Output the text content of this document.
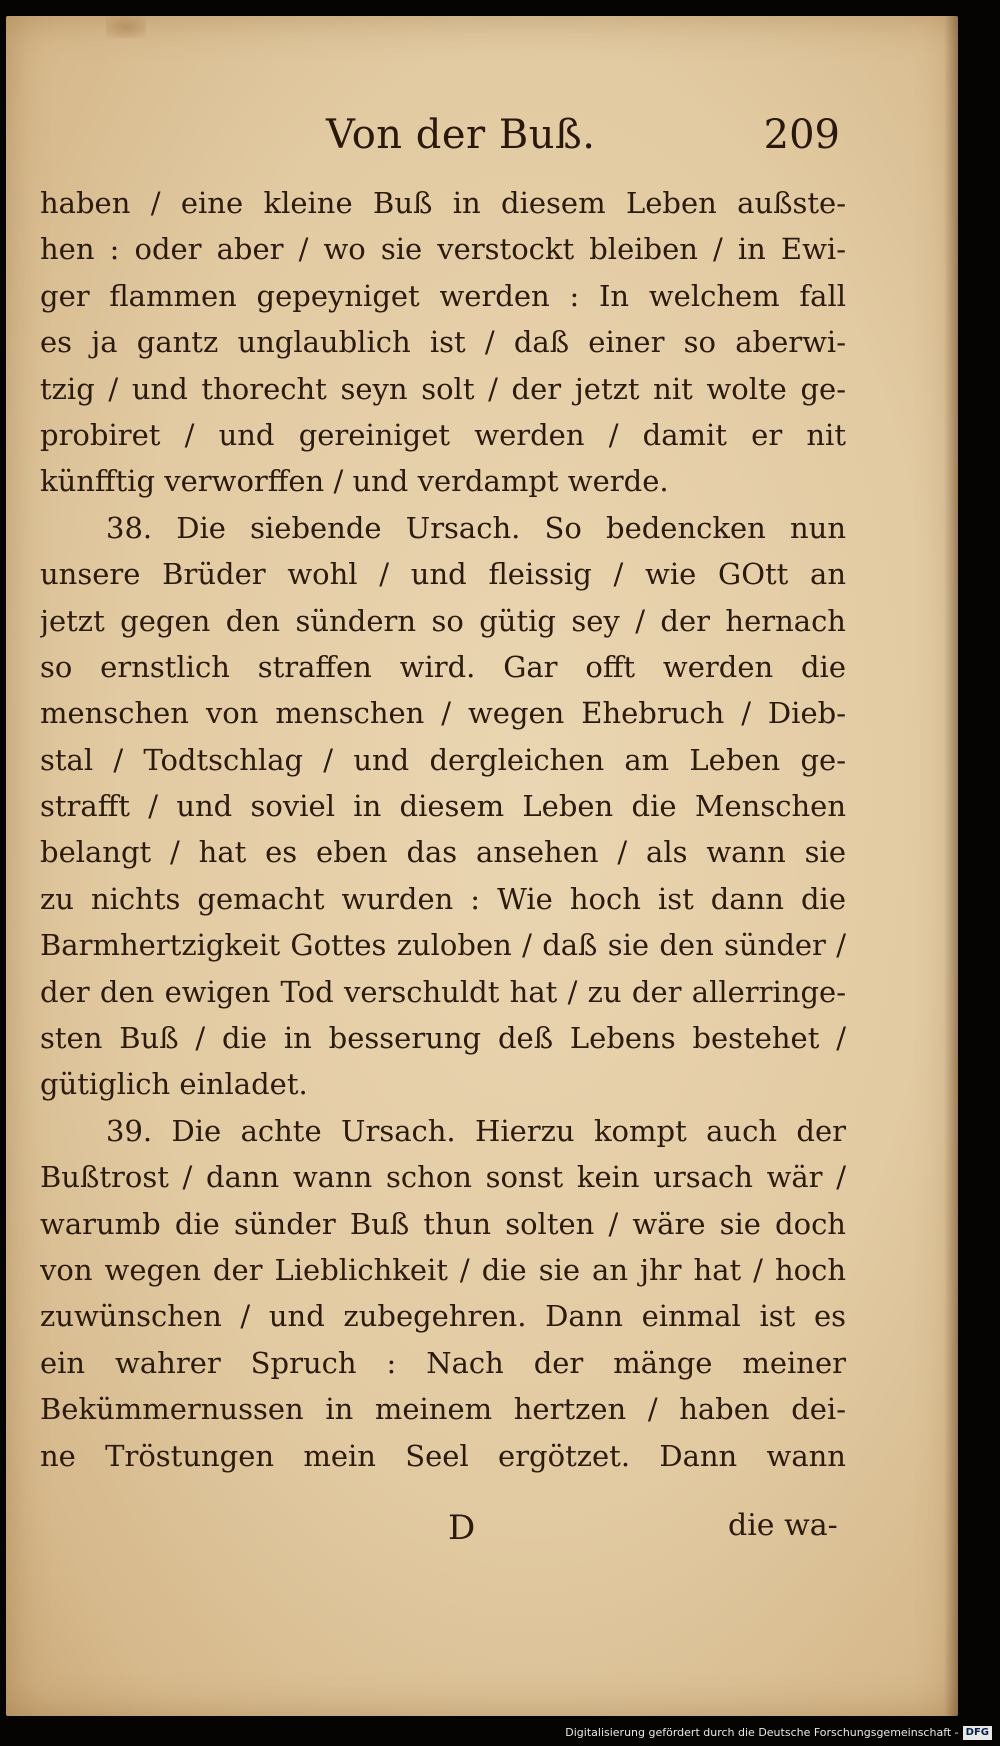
Von der Buß.	209
haben / eine kleine Buß in diesem Leben außste-
hen : oder aber / wo sie verstockt bleiben / in Ewi-
ger flammen gepeyniget werden : In welchem fall
es ja gantz unglaublich ist / daß einer so aberwi-
tzig / und thorecht seyn solt / der jetzt nit wolte ge-
probiret / und gereiniget werden / damit er nit
künfftig verworffen / und verdampt werde.
38. Die siebende Ursach. So bedencken nun
unsere Brüder wohl / und fleissig / wie GOtt an
jetzt gegen den sündern so gütig sey / der hernach
so ernstlich straffen wird. Gar offt werden die
menschen von menschen / wegen Ehebruch / Dieb-
stal / Todtschlag / und dergleichen am Leben ge-
strafft / und soviel in diesem Leben die Menschen
belangt / hat es eben das ansehen / als wann sie
zu nichts gemacht wurden : Wie hoch ist dann die
Barmhertzigkeit Gottes zuloben / daß sie den sünder /
der den ewigen Tod verschuldt hat / zu der allerringe-
sten Buß / die in besserung deß Lebens bestehet /
gütiglich einladet.
39. Die achte Ursach. Hierzu kompt auch der
Bußtrost / dann wann schon sonst kein ursach wär /
warumb die sünder Buß thun solten / wäre sie doch
von wegen der Lieblichkeit / die sie an jhr hat / hoch
zuwünschen / und zubegehren. Dann einmal ist es
ein wahrer Spruch : Nach der mänge meiner
Bekümmernussen in meinem hertzen / haben dei-
ne Tröstungen mein Seel ergötzet. Dann wann
D	die wa-
Digitalisierung gefördert durch die Deutsche Forschungsgemeinschaft - DFG
